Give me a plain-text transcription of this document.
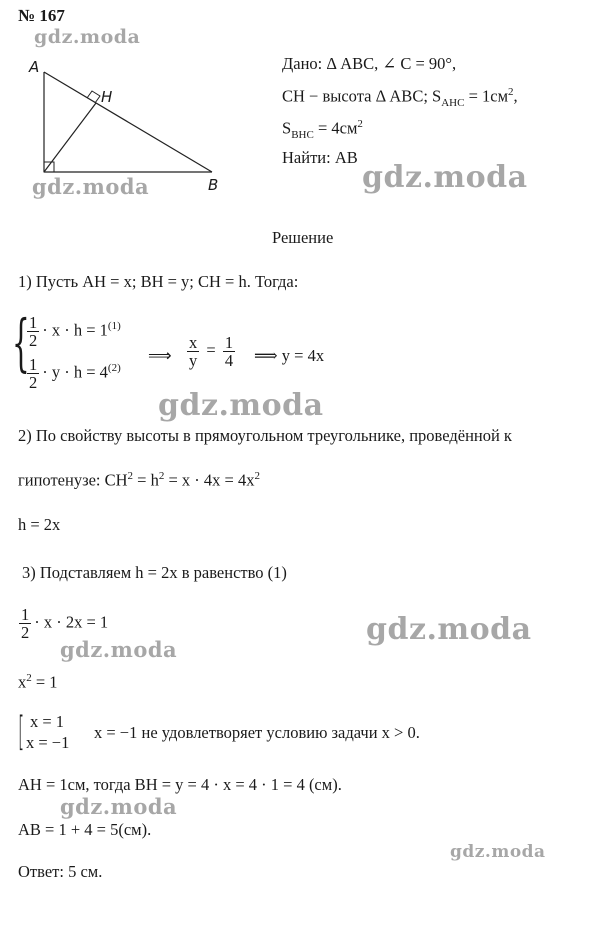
№ 167
A
H
B
Дано: Δ ABC, ∠ C = 90°,
CH − высота Δ ABC; $S_{AHC} = 1см^2$,
$S_{BHC} = 4см^2$
Найти: AB
Решение
1) Пусть AH = x; BH = y; CH = h. Тогда:
{
$\frac{1}{2} \cdot x \cdot h = 1^{(1)}$
$\frac{1}{2} \cdot y \cdot h = 4^{(2)}$
⟹ $\frac{x}{y} = \frac{1}{4}$ ⟹ y = 4x
2) По свойству высоты в прямоугольном треугольнике, проведённой к
гипотенузе: $CH^2 = h^2 = x \cdot 4x = 4x^2$
h = 2x
3) Подставляем h = 2x в равенство (1)
$\frac{1}{2} \cdot x \cdot 2x = 1$
$x^2 = 1$
[ x = 1
x = −1
x = −1 не удовлетворяет условию задачи x > 0.
AH = 1см, тогда BH = y = 4 · x = 4 · 1 = 4 (см).
AB = 1 + 4 = 5(см).
Ответ: 5 см.
gdz.moda
gdz.moda	gdz.moda
gdz.moda
gdz.moda
gdz.moda
gdz.moda
gdz.moda
